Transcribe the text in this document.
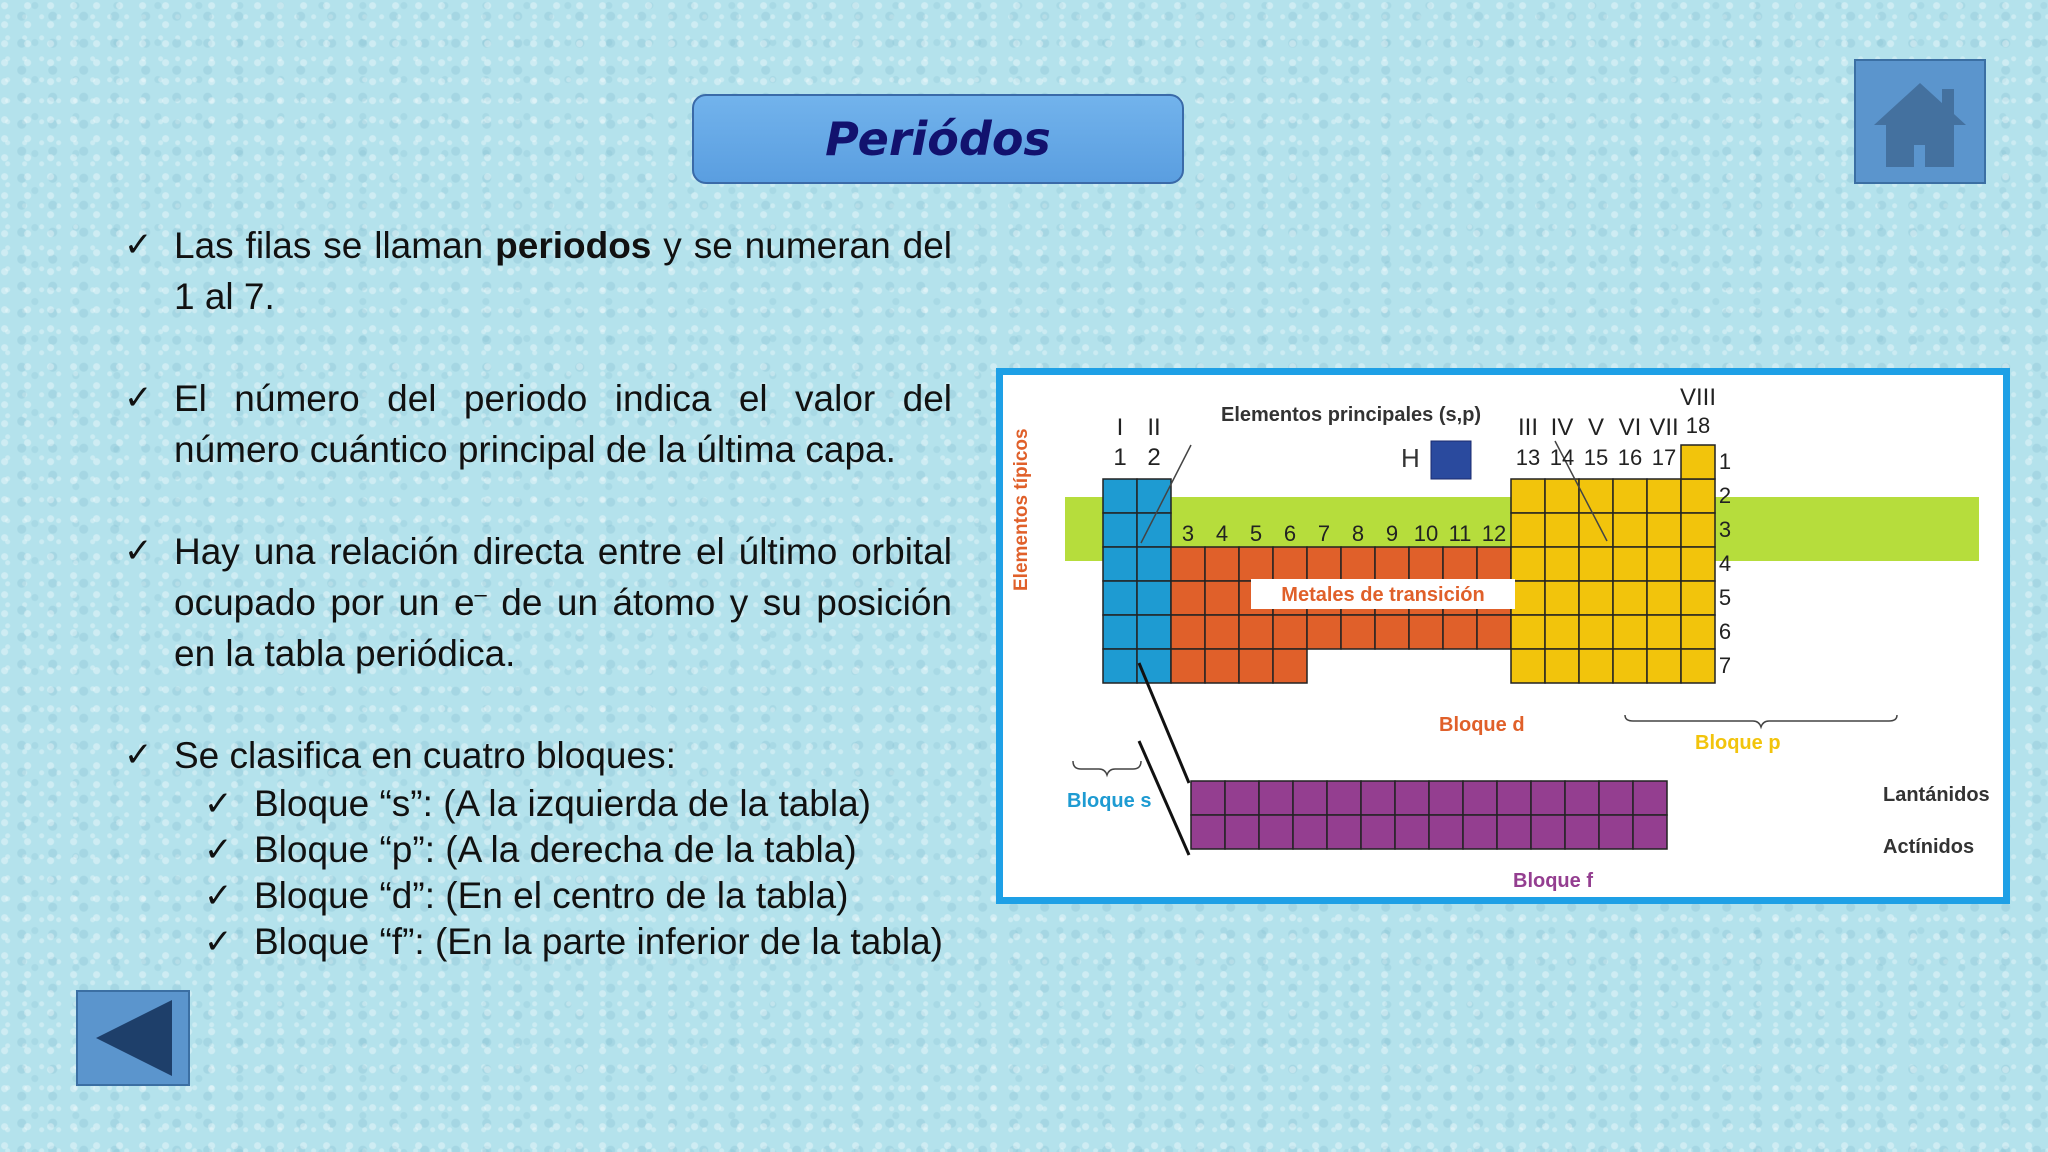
Periódos
✓ Las filas se llaman periodos y se numeran del 1 al 7.
✓ El número del periodo indica el valor del número cuántico principal de la última capa.
✓ Hay una relación directa entre el último orbital ocupado por un e– de un átomo y su posición en la tabla periódica.
✓ Se clasifica en cuatro bloques:
✓ Bloque “s”: (A la izquierda de la tabla)
✓ Bloque “p”: (A la derecha de la tabla)
✓ Bloque “d”: (En el centro de la tabla)
✓ Bloque “f”: (En la parte inferior de la tabla)
Elementos principales (s,p)
Elementos típicos	H
Metales de transición
Bloque s
Bloque d
Bloque p
Bloque f
Lantánidos
Actínidos
I II
1 2
3 4 5 6 7 8 9 10 11 12
III IV V VI VII
VIII
13 14 15 16 17
18
1
2
3
4
5
6
7
